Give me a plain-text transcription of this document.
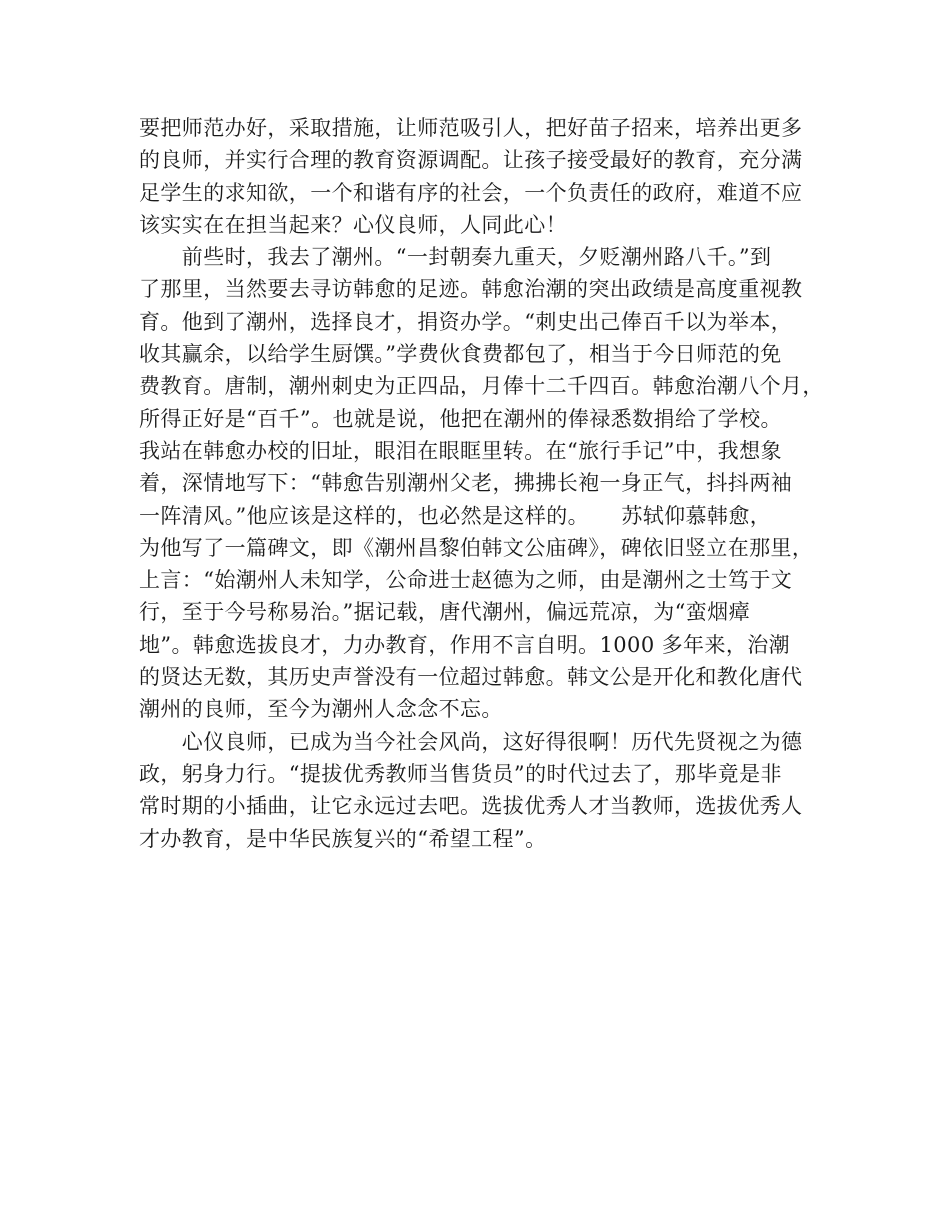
要把师范办好，采取措施，让师范吸引人，把好苗子招来，培养出更多
的良师，并实行合理的教育资源调配。让孩子接受最好的教育，充分满
足学生的求知欲，一个和谐有序的社会，一个负责任的政府，难道不应
该实实在在担当起来？心仪良师，人同此心！
　　前些时，我去了潮州。“一封朝奏九重天，夕贬潮州路八千。”到
了那里，当然要去寻访韩愈的足迹。韩愈治潮的突出政绩是高度重视教
育。他到了潮州，选择良才，捐资办学。“刺史出己俸百千以为举本，
收其赢余，以给学生厨馔。”学费伙食费都包了，相当于今日师范的免
费教育。唐制，潮州刺史为正四品，月俸十二千四百。韩愈治潮八个月，
所得正好是“百千”。也就是说，他把在潮州的俸禄悉数捐给了学校。
我站在韩愈办校的旧址，眼泪在眼眶里转。在“旅行手记”中，我想象
着，深情地写下：“韩愈告别潮州父老，拂拂长袍一身正气，抖抖两袖
一阵清风。”他应该是这样的，也必然是这样的。　　苏轼仰慕韩愈，
为他写了一篇碑文，即《潮州昌黎伯韩文公庙碑》，碑依旧竖立在那里，
上言：“始潮州人未知学，公命进士赵德为之师，由是潮州之士笃于文
行，至于今号称易治。”据记载，唐代潮州，偏远荒凉，为“蛮烟瘴
地”。韩愈选拔良才，力办教育，作用不言自明。1000 多年来，治潮
的贤达无数，其历史声誉没有一位超过韩愈。韩文公是开化和教化唐代
潮州的良师，至今为潮州人念念不忘。
　　心仪良师，已成为当今社会风尚，这好得很啊！历代先贤视之为德
政，躬身力行。“提拔优秀教师当售货员”的时代过去了，那毕竟是非
常时期的小插曲，让它永远过去吧。选拔优秀人才当教师，选拔优秀人
才办教育，是中华民族复兴的“希望工程”。
